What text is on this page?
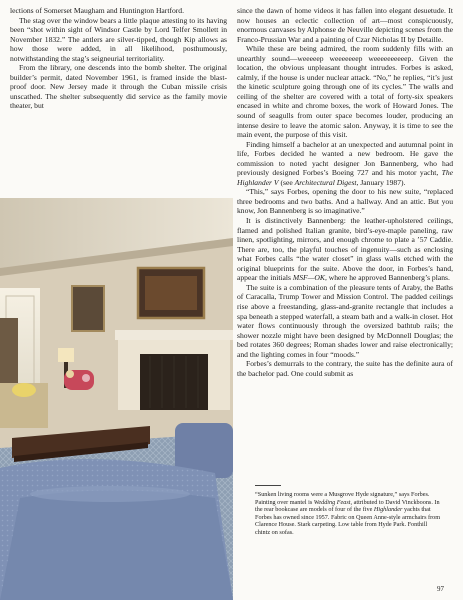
lections of Somerset Maugham and Huntington Hartford.

The stag over the window bears a little plaque attesting to its having been “shot within sight of Windsor Castle by Lord Telfer Smollett in November 1832.” The antlers are silver-tipped, though Kip allows as how those were added, in all likelihood, posthumously, notwithstanding the stag’s seigneurial territoriality.

From the library, one descends into the bomb shelter. The original builder’s permit, dated November 1961, is framed inside the blast-proof door. New Jersey made it through the Cuban missile crisis unscathed. The shelter subsequently did service as the family movie theater, but

since the dawn of home videos it has fallen into elegant desuetude. It now houses an eclectic collection of art—most conspicuously, enormous canvases by Alphonse de Neuville depicting scenes from the Franco-Prussian War and a painting of Czar Nicholas II by Detaille.

While these are being admired, the room suddenly fills with an unearthly sound—weeeeep weeeeeeep weeeeeeeeeep. Given the location, the obvious unpleasant thought intrudes. Forbes is asked, calmly, if the house is under nuclear attack. “No,” he replies, “it’s just the kinetic sculpture going through one of its cycles.” The walls and ceiling of the shelter are covered with a total of forty-six speakers encased in white and chrome boxes, the work of Howard Jones. The sound of seagulls from outer space becomes louder, producing an intense desire to leave the atomic salon. Anyway, it is time to see the main event, the purpose of this visit.

Finding himself a bachelor at an unexpected and autumnal point in life, Forbes decided he wanted a new bedroom. He gave the commission to noted yacht designer Jon Bannenberg, who had previously designed Forbes’s Boeing 727 and his motor yacht, The Highlander V (see Architectural Digest, January 1987).

“This,” says Forbes, opening the door to his new suite, “replaced three bedrooms and two baths. And a hallway. And an attic. But you know, Jon Bannenberg is so imaginative.”

It is distinctively Bannenberg: the leather-upholstered ceilings, flamed and polished Italian granite, bird’s-eye-maple paneling, raw linen, spotlighting, mirrors, and enough chrome to plate a ’57 Caddie. There are, too, the playful touches of ingenuity—such as enclosing what Forbes calls “the water closet” in glass walls etched with the original blueprints for the suite. Above the door, in Forbes’s hand, appear the initials MSF—OK, where he approved Bannenberg’s plans.

The suite is a combination of the pleasure tents of Araby, the Baths of Caracalla, Trump Tower and Mission Control. The padded ceilings rise above a freestanding, glass-and-granite rectangle that includes a spa beneath a stepped waterfall, a steam bath and a walk-in closet. Hot water flows continuously through the oversized bathtub rails; the shower nozzle might have been designed by McDonnell Douglas; the bed rotates 360 degrees; Roman shades lower and raise electronically; and the lighting comes in four “moods.”

Forbes’s demurrals to the contrary, the suite has the definite aura of the bachelor pad. One could submit as

“Sunken living rooms were a Musgrove Hyde signature,” says Forbes. Painting over mantel is Wedding Feast, attributed to David Vinckboons. In the rear bookcase are models of four of the five Highlander yachts that Forbes has owned since 1957. Fabric on Queen Anne-style armchairs from Clarence House. Stark carpeting. Low table from Hyde Park. Fonthill chintz on sofas.
97
